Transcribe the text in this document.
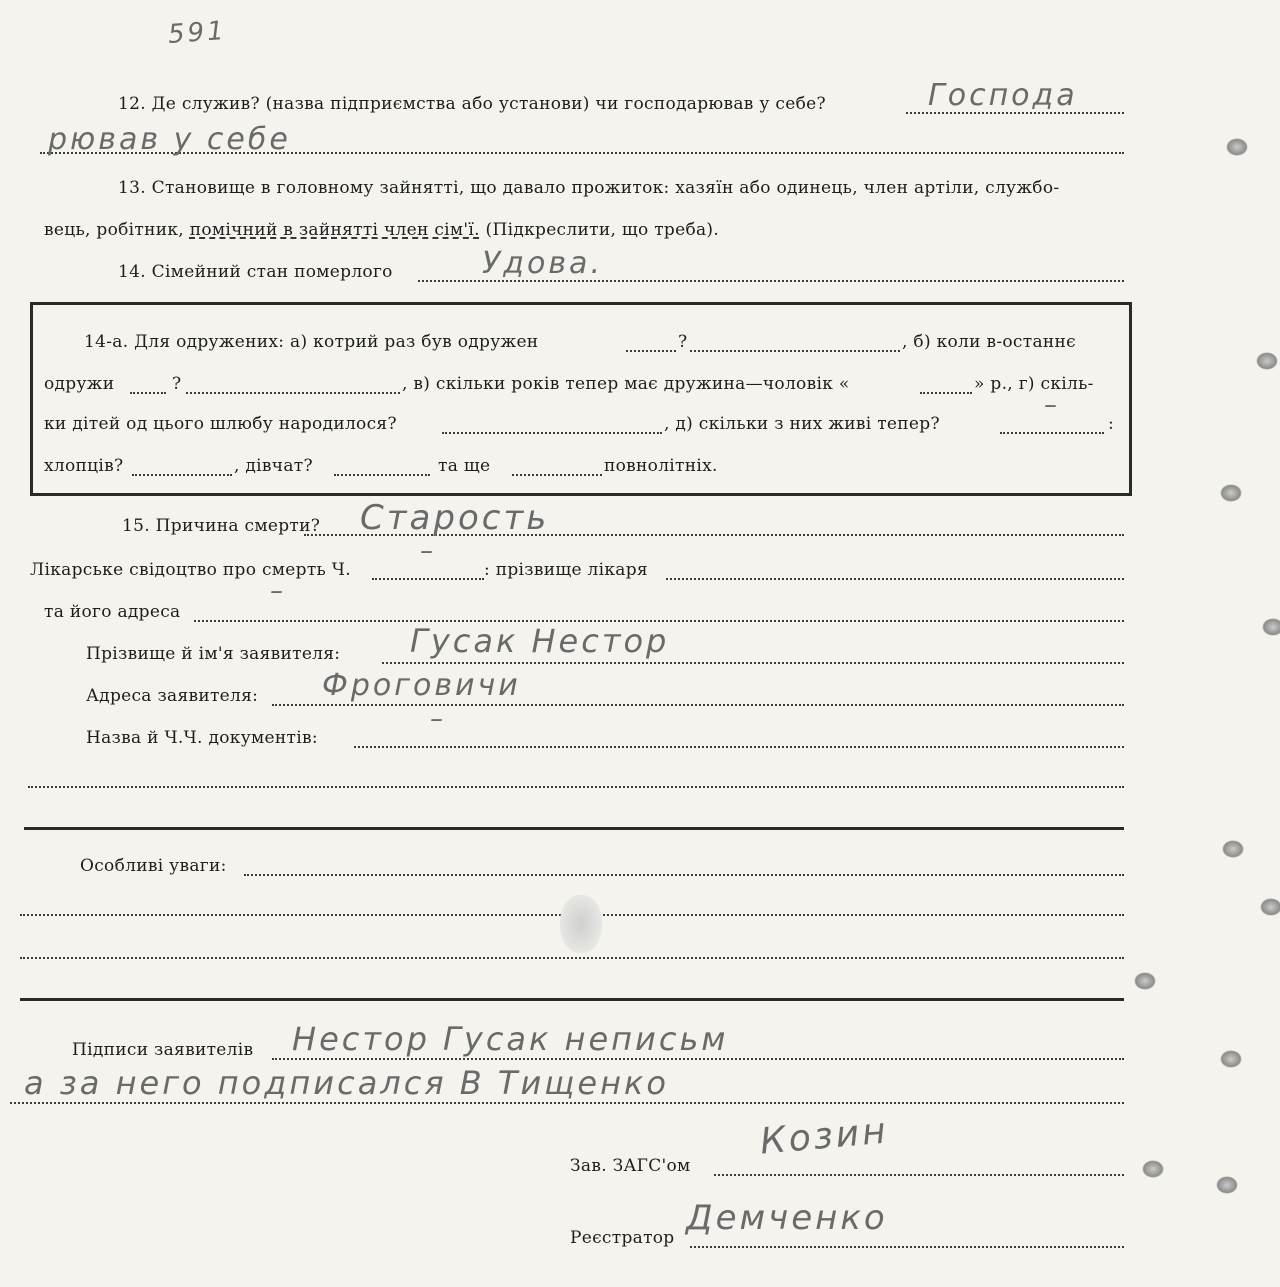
591
12. Де служив? (назва підприємства або установи) чи господарював у себе?	Господа
рював у себе
13. Становище в головному зайнятті, що давало прожиток: хазяїн або одинець, член артіли, службо-
вець, робітник, помічний в зайнятті член сім'ї. (Підкреслити, що треба).
14. Сімейний стан померлого	Удова.
14-а. Для одружених: а) котрий раз був одружен	?	, б) коли в-останнє
одружи	?	, в) скільки років тепер має дружина—чоловік «	» р., г) скіль-
ки дітей од цього шлюбу народилося?	, д) скільки з них живі тепер?
–
:
хлопців?	, дівчат?	та ще	повнолітніх.
15. Причина смерти? Старость
Лікарське свідоцтво про смерть Ч.
–
: прізвище лікаря
та його адреса
–
Прізвище й ім'я заявителя: Гусак Нестор
Адреса заявителя: Фроговичи
Назва й Ч.Ч. документів:
–
Особливі уваги:
Підписи заявителів Нестор Гусак неписьм
а за него подписался В Тищенко
Зав. ЗАГС'ом
Козин
Реєстратор Демченко
